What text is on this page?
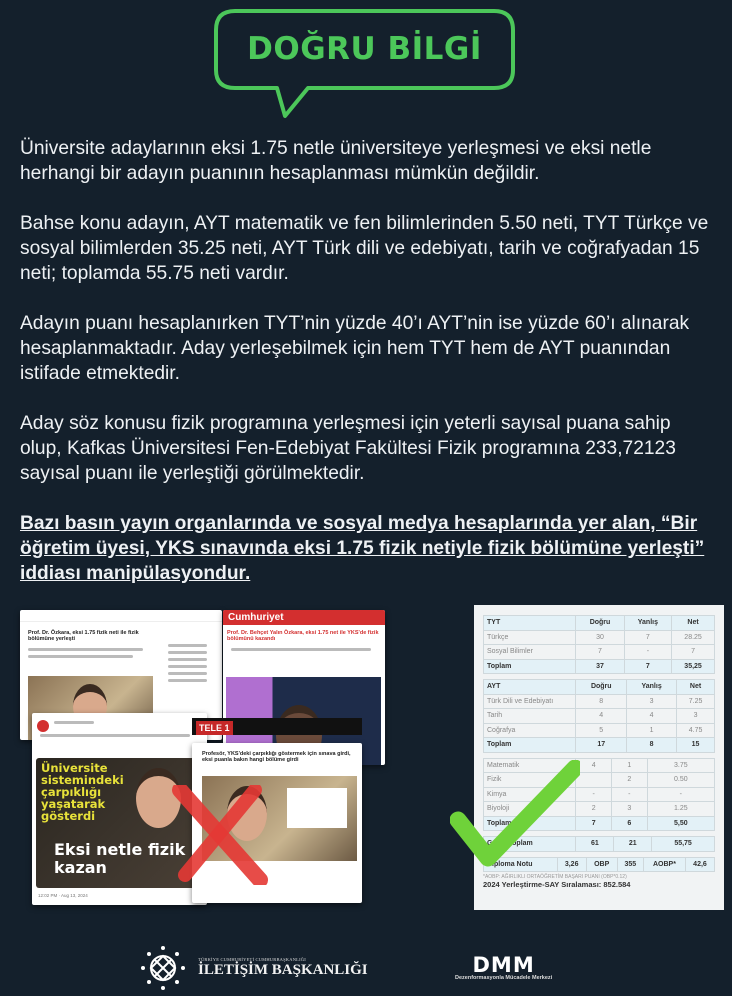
DOĞRU BİLGİ

Üniversite adaylarının eksi 1.75 netle üniversiteye yerleşmesi ve eksi netle herhangi bir adayın puanının hesaplanması mümkün değildir.

Bahse konu adayın, AYT matematik ve fen bilimlerinden 5.50 neti, TYT Türkçe ve sosyal bilimlerden 35.25 neti, AYT Türk dili ve edebiyatı, tarih ve coğrafyadan 15 neti; toplamda 55.75 neti vardır.

Adayın puanı hesaplanırken TYT’nin yüzde 40’ı AYT’nin ise yüzde 60’ı alınarak hesaplanmaktadır. Aday yerleşebilmek için hem TYT hem de AYT puanından istifade etmektedir.

Aday söz konusu fizik programına yerleşmesi için yeterli sayısal puana sahip olup, Kafkas Üniversitesi Fen-Edebiyat Fakültesi Fizik programına 233,72123 sayısal puanı ile yerleştiği görülmektedir.

Bazı basın yayın organlarında ve sosyal medya hesaplarında yer alan, “Bir öğretim üyesi, YKS sınavında eksi 1.75 fizik netiyle fizik bölümüne yerleşti” iddiası manipülasyondur.

Prof. Dr. Özkara, eksi 1.75 fizik neti ile fizik bölümüne yerleşti
Cumhuriyet
Prof. Dr. Behçet Yalın Özkara, eksi 1.75 net ile YKS'de fizik bölümünü kazandı
Üniversite sistemindeki çarpıklığı yaşatarak gösterdi
Eksi netle fizik kazan
12:02 PM · Aug 13, 2024
TELE 1
Profesör, YKS'deki çarpıklığı göstermek için sınava girdi, eksi puanla bakın hangi bölüme girdi
TYT	Doğru	Yanlış	Net
Türkçe	30	7	28.25
Sosyal Bilimler	7	-	7
Toplam	37	7	35,25
AYT	Doğru	Yanlış	Net
Türk Dili ve Edebiyatı	8	3	7.25
Tarih	4	4	3
Coğrafya	5	1	4.75
Toplam	17	8	15
Matematik	4	1	3.75
Fizik		2	0.50
Kimya	-	-	-
Biyoloji	2	3	1.25
Toplam	7	6	5,50
Genel Toplam	61	21	55,75
Diploma Notu	3,26	OBP	355	AOBP*	42,6
*AOBP: AĞIRLIKLI ORTAÖĞRETİM BAŞARI PUANI (OBP*0.12)
2024 Yerleştirme-SAY Sıralaması: 852.584
TÜRKİYE CUMHURİYETİ CUMHURBAŞKANLIĞI
İLETİŞİM BAŞKANLIĞI	DMM
Dezenformasyonla Mücadele Merkezi
